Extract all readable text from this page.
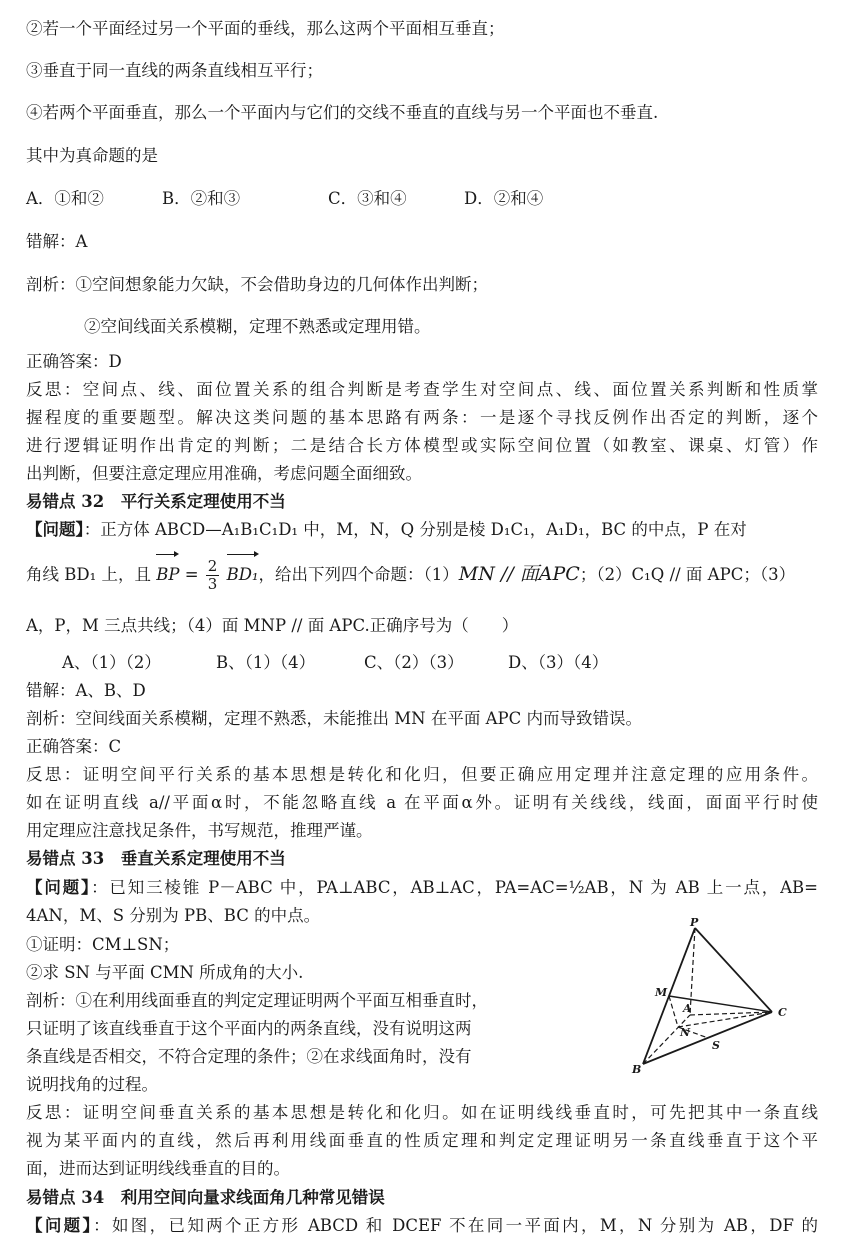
②若一个平面经过另一个平面的垂线，那么这两个平面相互垂直；
③垂直于同一直线的两条直线相互平行；
④若两个平面垂直，那么一个平面内与它们的交线不垂直的直线与另一个平面也不垂直.
其中为真命题的是
A．①和②	B．②和③	C．③和④	D．②和④
错解：A
剖析：①空间想象能力欠缺，不会借助身边的几何体作出判断；
②空间线面关系模糊，定理不熟悉或定理用错。
正确答案：D
反思：空间点、线、面位置关系的组合判断是考查学生对空间点、线、面位置关系判断和性质掌
握程度的重要题型。解决这类问题的基本思路有两条：一是逐个寻找反例作出否定的判断，逐个
进行逻辑证明作出肯定的判断；二是结合长方体模型或实际空间位置（如教室、课桌、灯管）作
出判断，但要注意定理应用准确，考虑问题全面细致。
易错点 32　平行关系定理使用不当
【问题】：正方体 ABCD—A₁B₁C₁D₁ 中，M，N，Q 分别是棱 D₁C₁，A₁D₁，BC 的中点，P 在对
角线 BD₁ 上，且 BP = $\frac{2}{3} BD_1$，给出下列四个命题：（1）MN // 面APC；（2）C₁Q // 面 APC；（3）
A，P，M 三点共线；（4）面 MNP // 面 APC.正确序号为（　　）
A、（1）（2）	B、（1）（4）	C、（2）（3）	D、（3）（4）
错解：A、B、D
剖析：空间线面关系模糊，定理不熟悉，未能推出 MN 在平面 APC 内而导致错误。
正确答案：C
反思：证明空间平行关系的基本思想是转化和化归，但要正确应用定理并注意定理的应用条件。
如在证明直线 a//平面α时，不能忽略直线 a 在平面α外。证明有关线线，线面，面面平行时使
用定理应注意找足条件，书写规范，推理严谨。
易错点 33　垂直关系定理使用不当
【问题】：已知三棱锥 P－ABC 中，PA⊥ABC，AB⊥AC，PA=AC=½AB，N 为 AB 上一点，AB=
4AN，M、S 分别为 PB、BC 的中点。
①证明：CM⊥SN；
②求 SN 与平面 CMN 所成角的大小.
剖析：①在利用线面垂直的判定定理证明两个平面互相垂直时，
只证明了该直线垂直于这个平面内的两条直线，没有说明这两
条直线是否相交，不符合定理的条件；②在求线面角时，没有
说明找角的过程。
反思：证明空间垂直关系的基本思想是转化和化归。如在证明线线垂直时，可先把其中一条直线
视为某平面内的直线，然后再利用线面垂直的性质定理和判定定理证明另一条直线垂直于这个平
面，进而达到证明线线垂直的目的。
易错点 34　利用空间向量求线面角几种常见错误
【问题】：如图，已知两个正方形 ABCD 和 DCEF 不在同一平面内，M，N 分别为 AB，DF 的
P
M
A	C
N
S
B
